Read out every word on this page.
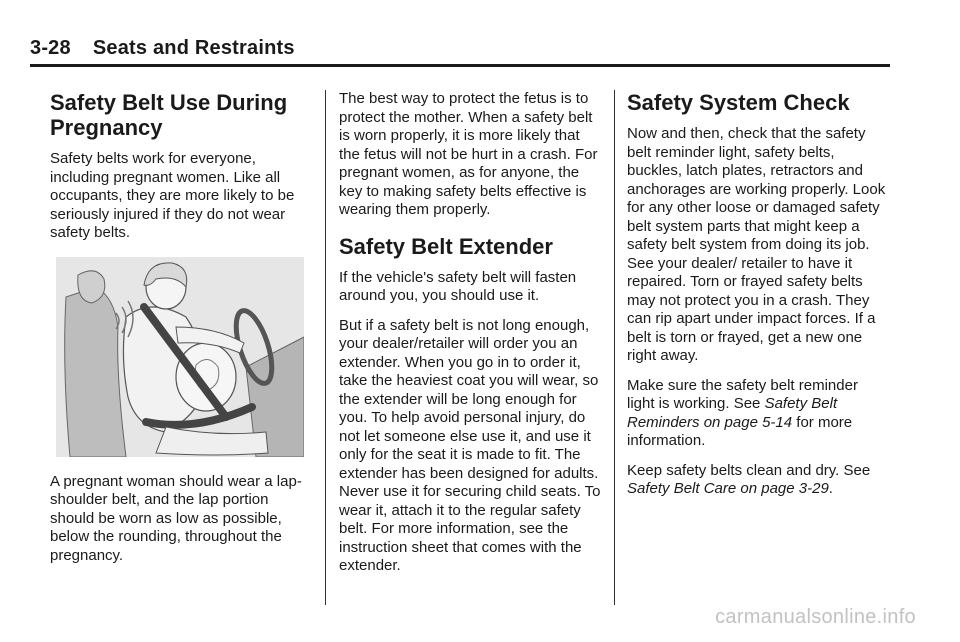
3-28 Seats and Restraints
Safety Belt Use During Pregnancy

Safety belts work for everyone, including pregnant women. Like all occupants, they are more likely to be seriously injured if they do not wear safety belts.

A pregnant woman should wear a lap-shoulder belt, and the lap portion should be worn as low as possible, below the rounding, throughout the pregnancy.

The best way to protect the fetus is to protect the mother. When a safety belt is worn properly, it is more likely that the fetus will not be hurt in a crash. For pregnant women, as for anyone, the key to making safety belts effective is wearing them properly.

Safety Belt Extender

If the vehicle's safety belt will fasten around you, you should use it.

But if a safety belt is not long enough, your dealer/retailer will order you an extender. When you go in to order it, take the heaviest coat you will wear, so the extender will be long enough for you. To help avoid personal injury, do not let someone else use it, and use it only for the seat it is made to fit. The extender has been designed for adults. Never use it for securing child seats. To wear it, attach it to the regular safety belt. For more information, see the instruction sheet that comes with the extender.

Safety System Check

Now and then, check that the safety belt reminder light, safety belts, buckles, latch plates, retractors and anchorages are working properly. Look for any other loose or damaged safety belt system parts that might keep a safety belt system from doing its job. See your dealer/ retailer to have it repaired. Torn or frayed safety belts may not protect you in a crash. They can rip apart under impact forces. If a belt is torn or frayed, get a new one right away.

Make sure the safety belt reminder light is working. See Safety Belt Reminders on page 5-14 for more information.

Keep safety belts clean and dry. See Safety Belt Care on page 3-29.

carmanualsonline.info
